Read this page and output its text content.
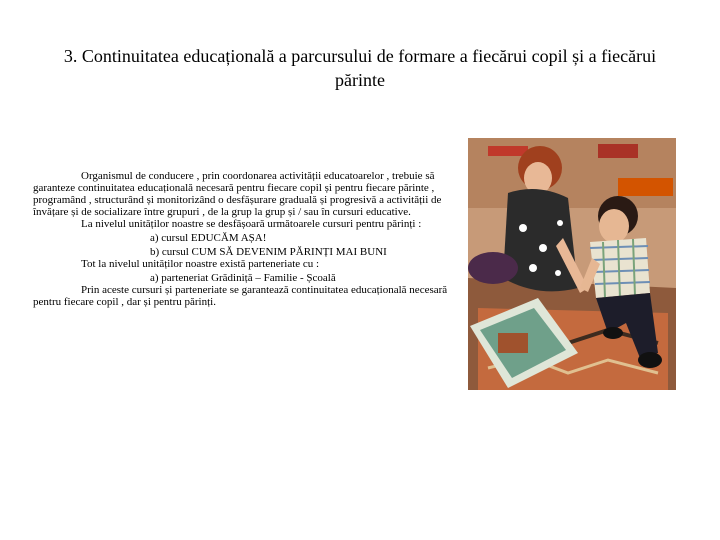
3. Continuitatea educațională a parcursului de formare a fiecărui copil și a fiecărui părinte

Organismul de conducere , prin coordonarea activității educatoarelor , trebuie să garanteze continuitatea educațională necesară pentru fiecare copil și pentru fiecare părinte , programând , structurând și monitorizând o desfășurare graduală și progresivă a activității de învățare și de socializare între grupuri , de la grup la grup și / sau în cursuri educative.

La nivelul unităților noastre se desfășoară următoarele cursuri pentru părinți :

a) cursul EDUCĂM AȘA!

b) cursul CUM SĂ DEVENIM PĂRINȚI MAI BUNI

Tot la nivelul unităților noastre există parteneriate cu :

a) parteneriat Grădiniță – Familie - Școală

Prin aceste cursuri și parteneriate se garantează continuitatea educațională necesară pentru fiecare copil , dar și pentru părinți.
